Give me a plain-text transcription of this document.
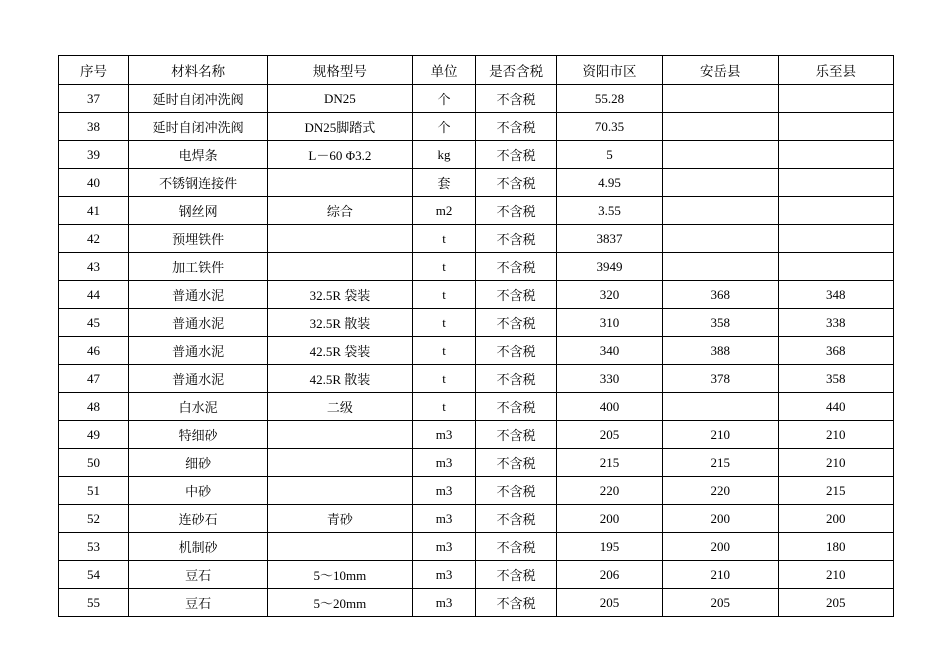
序号	材料名称	规格型号	单位	是否含税	资阳市区	安岳县	乐至县
37	延时自闭冲洗阀	DN25	个	不含税	55.28		
38	延时自闭冲洗阀	DN25脚踏式	个	不含税	70.35		
39	电焊条	L－60 Φ3.2	kg	不含税	5		
40	不锈钢连接件		套	不含税	4.95		
41	钢丝网	综合	m2	不含税	3.55		
42	预埋铁件		t	不含税	3837		
43	加工铁件		t	不含税	3949		
44	普通水泥	32.5R 袋装	t	不含税	320	368	348
45	普通水泥	32.5R 散装	t	不含税	310	358	338
46	普通水泥	42.5R 袋装	t	不含税	340	388	368
47	普通水泥	42.5R 散装	t	不含税	330	378	358
48	白水泥	二级	t	不含税	400		440
49	特细砂		m3	不含税	205	210	210
50	细砂		m3	不含税	215	215	210
51	中砂		m3	不含税	220	220	215
52	连砂石	青砂	m3	不含税	200	200	200
53	机制砂		m3	不含税	195	200	180
54	豆石	5～10mm	m3	不含税	206	210	210
55	豆石	5～20mm	m3	不含税	205	205	205
